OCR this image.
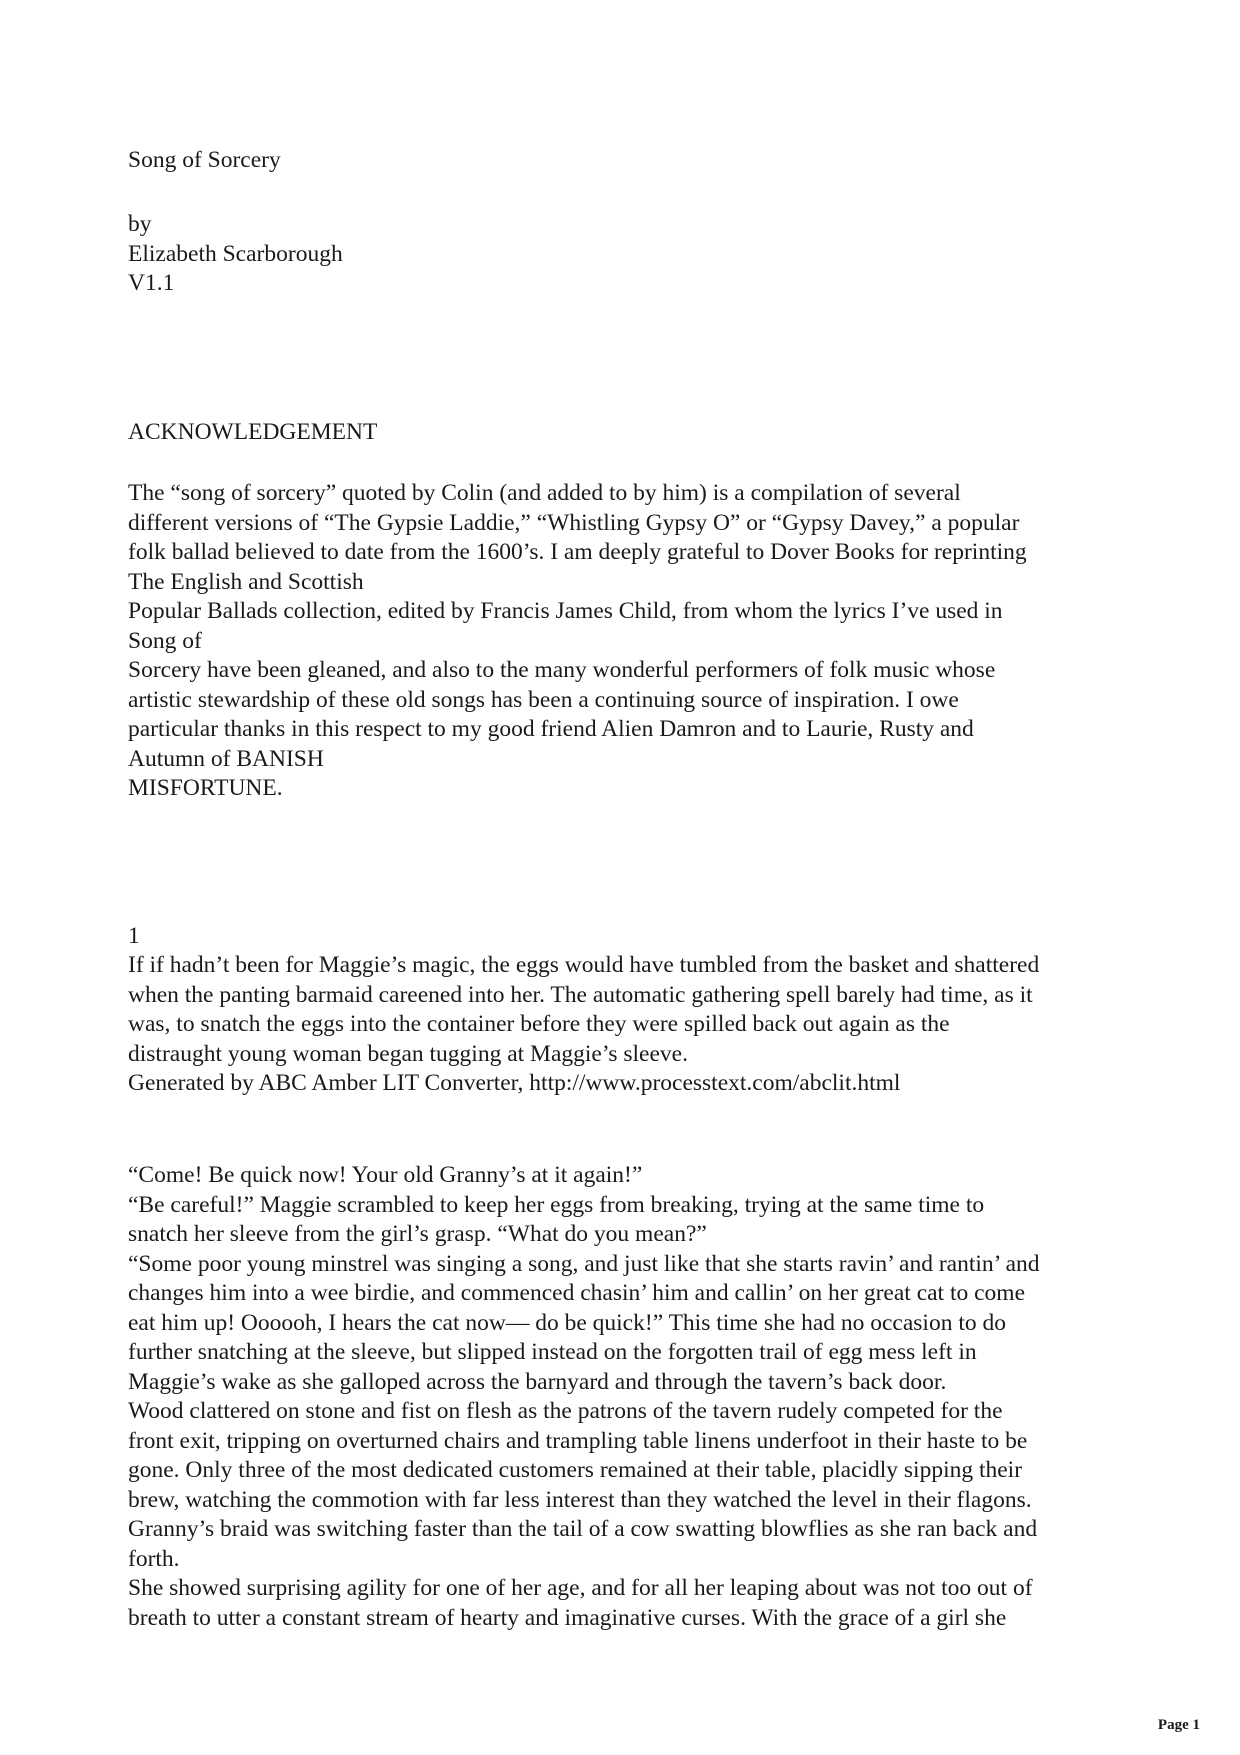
Song of Sorcery

by

Elizabeth Scarborough

V1.1

ACKNOWLEDGEMENT

The “song of sorcery” quoted by Colin (and added to by him) is a compilation of several

different versions of “The Gypsie Laddie,” “Whistling Gypsy O” or “Gypsy Davey,” a popular

folk ballad believed to date from the 1600’s. I am deeply grateful to Dover Books for reprinting

The English and Scottish

Popular Ballads collection, edited by Francis James Child, from whom the lyrics I’ve used in

Song of

Sorcery have been gleaned, and also to the many wonderful performers of folk music whose

artistic stewardship of these old songs has been a continuing source of inspiration. I owe

particular thanks in this respect to my good friend Alien Damron and to Laurie, Rusty and

Autumn of BANISH

MISFORTUNE.

1

If if hadn’t been for Maggie’s magic, the eggs would have tumbled from the basket and shattered

when the panting barmaid careened into her. The automatic gathering spell barely had time, as it

was, to snatch the eggs into the container before they were spilled back out again as the

distraught young woman began tugging at Maggie’s sleeve.

Generated by ABC Amber LIT Converter, http://www.processtext.com/abclit.html

“Come! Be quick now! Your old Granny’s at it again!”

“Be careful!” Maggie scrambled to keep her eggs from breaking, trying at the same time to

snatch her sleeve from the girl’s grasp. “What do you mean?”

“Some poor young minstrel was singing a song, and just like that she starts ravin’ and rantin’ and

changes him into a wee birdie, and commenced chasin’ him and callin’ on her great cat to come

eat him up! Oooooh, I hears the cat now— do be quick!” This time she had no occasion to do

further snatching at the sleeve, but slipped instead on the forgotten trail of egg mess left in

Maggie’s wake as she galloped across the barnyard and through the tavern’s back door.

Wood clattered on stone and fist on flesh as the patrons of the tavern rudely competed for the

front exit, tripping on overturned chairs and trampling table linens underfoot in their haste to be

gone. Only three of the most dedicated customers remained at their table, placidly sipping their

brew, watching the commotion with far less interest than they watched the level in their flagons.

Granny’s braid was switching faster than the tail of a cow swatting blowflies as she ran back and

forth.

She showed surprising agility for one of her age, and for all her leaping about was not too out of

breath to utter a constant stream of hearty and imaginative curses. With the grace of a girl she

Page 1
